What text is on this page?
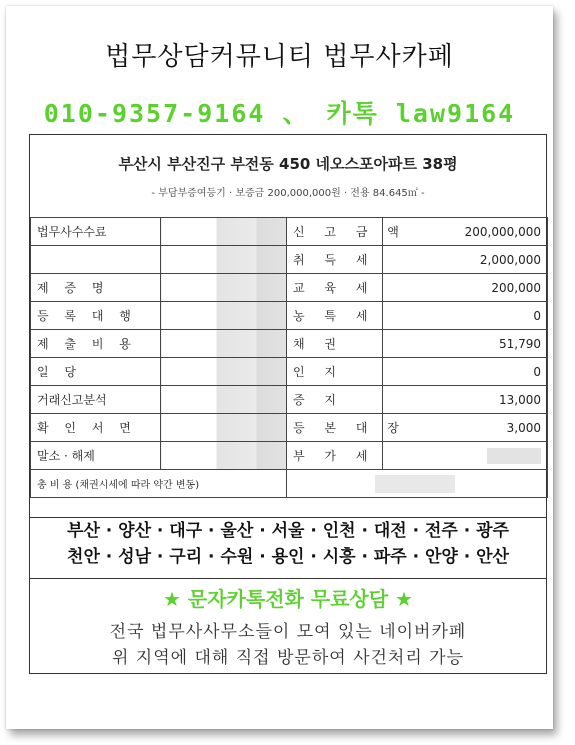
법무상담커뮤니티 법무사카페
010-9357-9164 、 카톡 law9164
부산시 부산진구 부전동 450 네오스포아파트 38평
- 부담부증여등기 · 보증금 200,000,000원 · 전용 84.645㎡ -
법무사수수료		신 고 금 액	200,000,000
		취 득 세	2,000,000
제 증 명		교 육 세	200,000
등 록 대 행		농 특 세	0
제 출 비 용		채 권	51,790
일 당		인 지	0
거래신고분석		증 지	13,000
확 인 서 면		등 본 대 장	3,000
말소 · 해제		부 가 세	
총 비 용 (채권시세에 따라 약간 변동)			
부산 · 양산 · 대구 · 울산 · 서울 · 인천 · 대전 · 전주 · 광주
천안 · 성남 · 구리 · 수원 · 용인 · 시흥 · 파주 · 안양 · 안산
★ 문자카톡전화 무료상담 ★
전국 법무사사무소들이 모여 있는 네이버카페
위 지역에 대해 직접 방문하여 사건처리 가능
